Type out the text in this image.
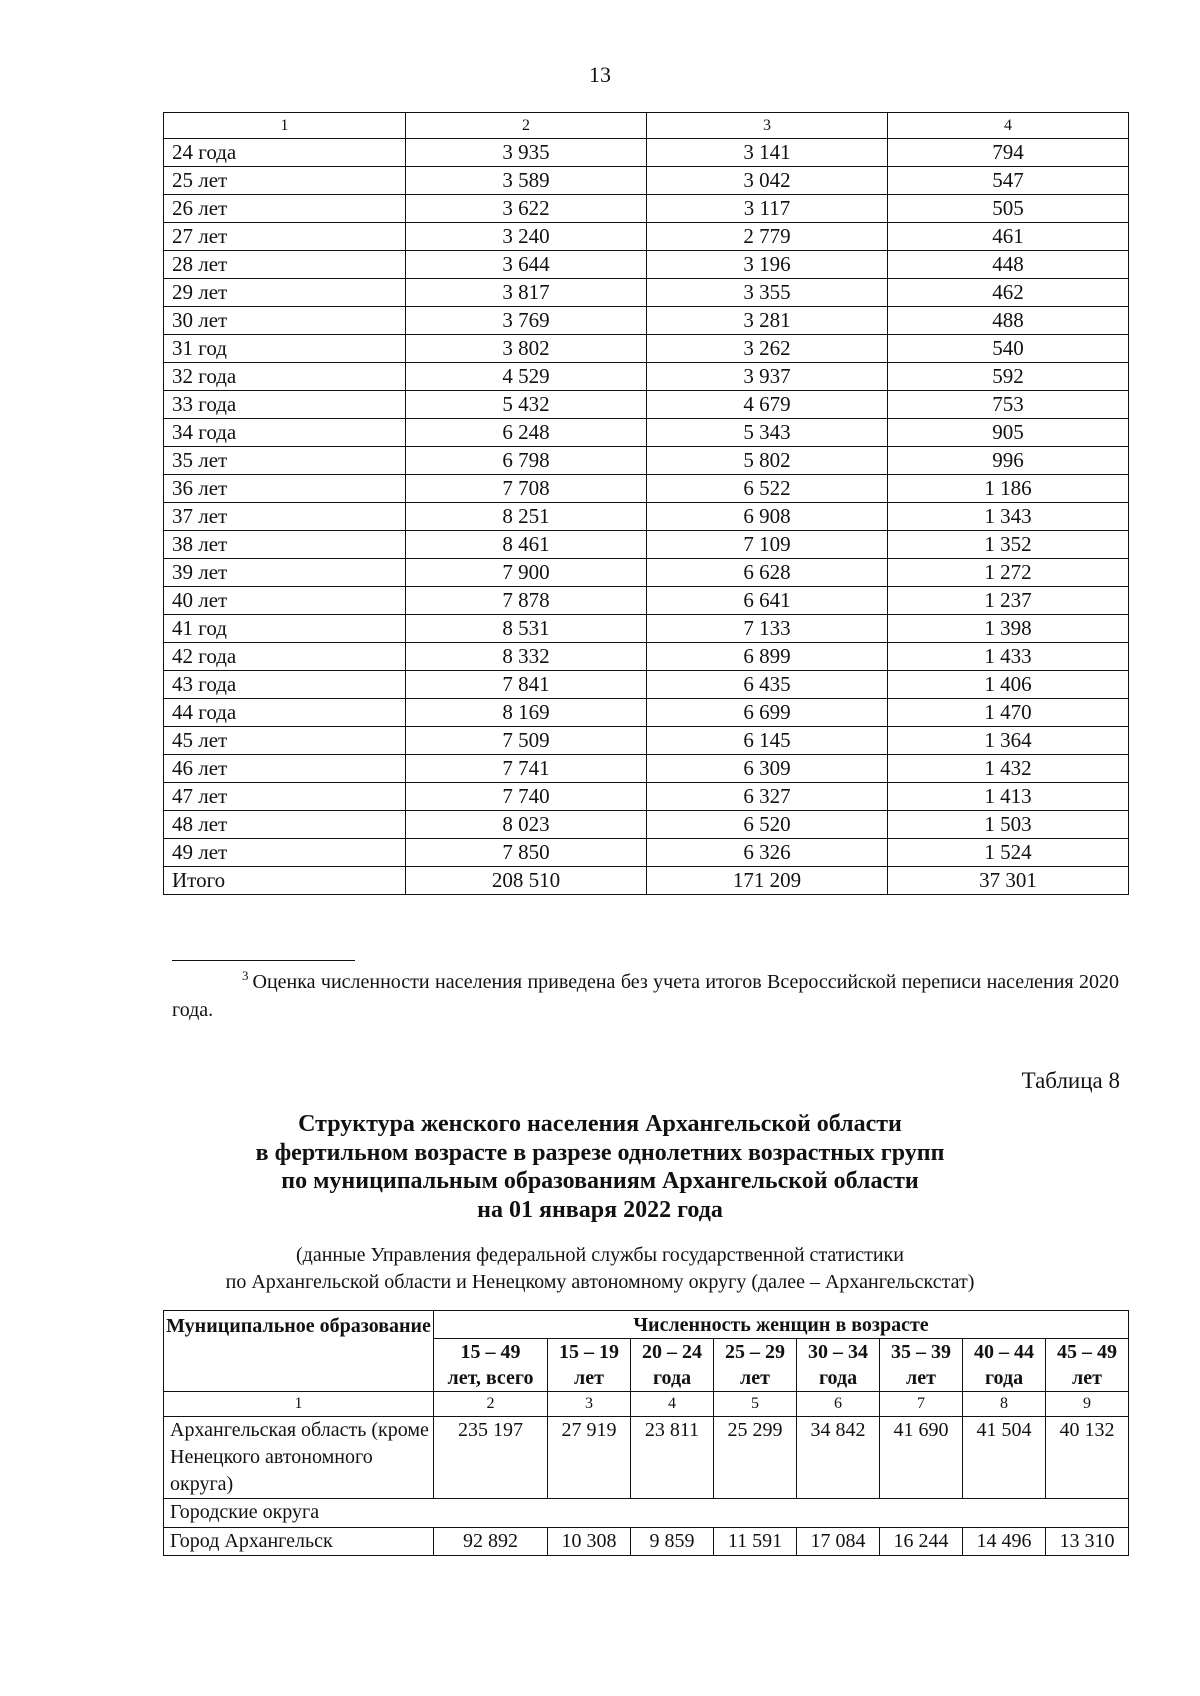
13
1	2	3	4
24 года	3 935	3 141	794
25 лет	3 589	3 042	547
26 лет	3 622	3 117	505
27 лет	3 240	2 779	461
28 лет	3 644	3 196	448
29 лет	3 817	3 355	462
30 лет	3 769	3 281	488
31 год	3 802	3 262	540
32 года	4 529	3 937	592
33 года	5 432	4 679	753
34 года	6 248	5 343	905
35 лет	6 798	5 802	996
36 лет	7 708	6 522	1 186
37 лет	8 251	6 908	1 343
38 лет	8 461	7 109	1 352
39 лет	7 900	6 628	1 272
40 лет	7 878	6 641	1 237
41 год	8 531	7 133	1 398
42 года	8 332	6 899	1 433
43 года	7 841	6 435	1 406
44 года	8 169	6 699	1 470
45 лет	7 509	6 145	1 364
46 лет	7 741	6 309	1 432
47 лет	7 740	6 327	1 413
48 лет	8 023	6 520	1 503
49 лет	7 850	6 326	1 524
Итого	208 510	171 209	37 301
$^3$ Оценка численности населения приведена без учета итогов Всероссийской переписи населения 2020 года.
Таблица 8
Структура женского населения Архангельской области
в фертильном возрасте в разрезе однолетних возрастных групп
по муниципальным образованиям Архангельской области
на 01 января 2022 года
(данные Управления федеральной службы государственной статистики
по Архангельской области и Ненецкому автономному округу (далее – Архангельскстат)
Муниципальное образование	Численность женщин в возрасте							
	15 – 49	15 – 19	20 – 24	25 – 29	30 – 34	35 – 39	40 – 44	45 – 49
	лет, всего	лет	года	лет	года	лет	года	лет
1	2	3	4	5	6	7	8	9
Архангельская область (кроме Ненецкого автономного округа)	235 197	27 919	23 811	25 299	34 842	41 690	41 504	40 132
Городские округа								
Город Архангельск	92 892	10 308	9 859	11 591	17 084	16 244	14 496	13 310
